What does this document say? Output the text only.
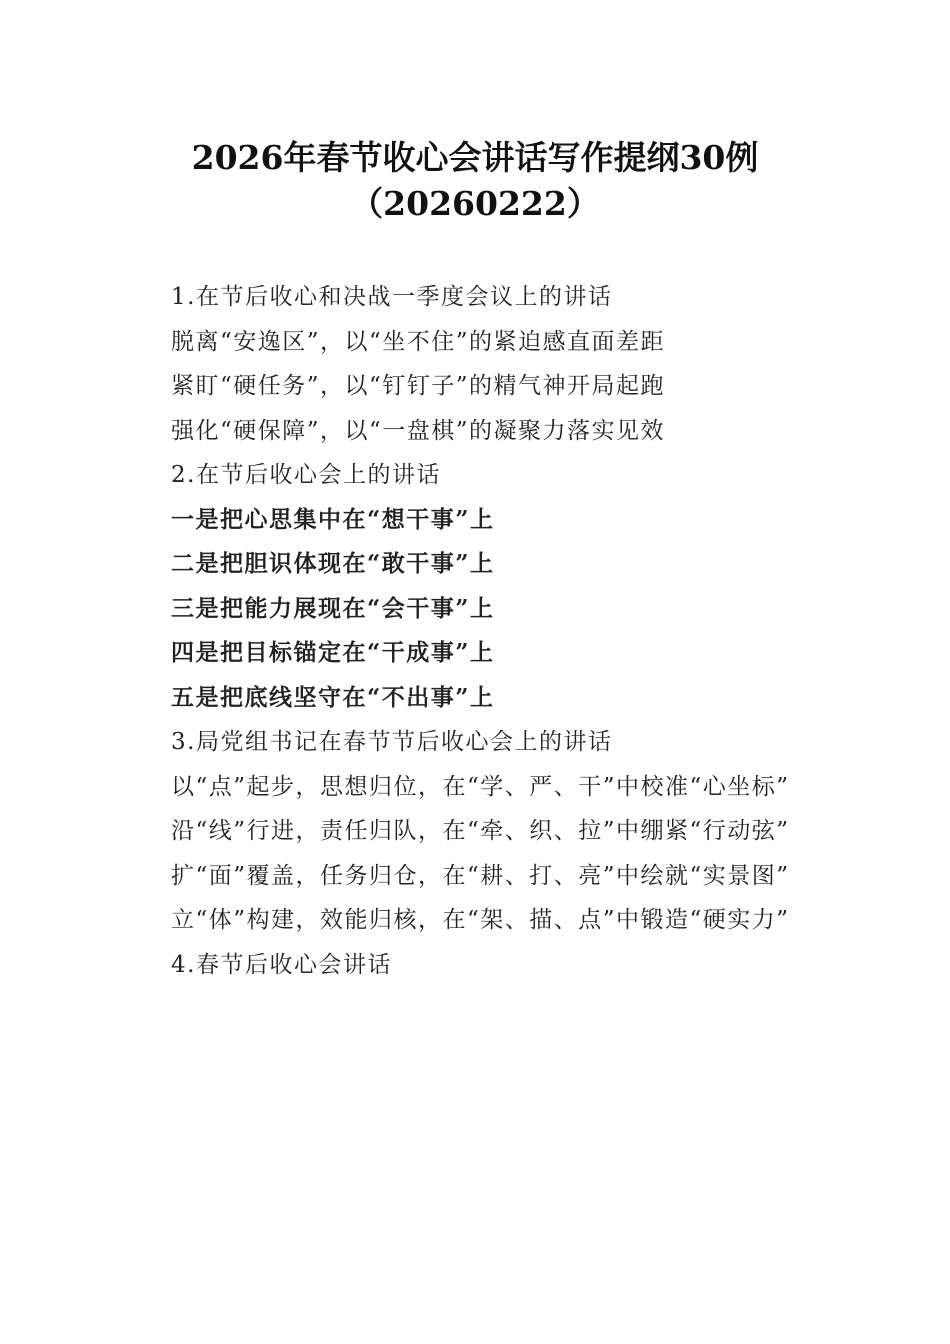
2026年春节收心会讲话写作提纲30例
（20260222）

1.在节后收心和决战一季度会议上的讲话

脱离“安逸区”，以“坐不住”的紧迫感直面差距

紧盯“硬任务”，以“钉钉子”的精气神开局起跑

强化“硬保障”，以“一盘棋”的凝聚力落实见效

2.在节后收心会上的讲话

一是把心思集中在“想干事”上

二是把胆识体现在“敢干事”上

三是把能力展现在“会干事”上

四是把目标锚定在“干成事”上

五是把底线坚守在“不出事”上

3.局党组书记在春节节后收心会上的讲话

以“点”起步，思想归位，在“学、严、干”中校准“心坐标”

沿“线”行进，责任归队，在“牵、织、拉”中绷紧“行动弦”

扩“面”覆盖，任务归仓，在“耕、打、亮”中绘就“实景图”

立“体”构建，效能归核，在“架、描、点”中锻造“硬实力”

4.春节后收心会讲话
